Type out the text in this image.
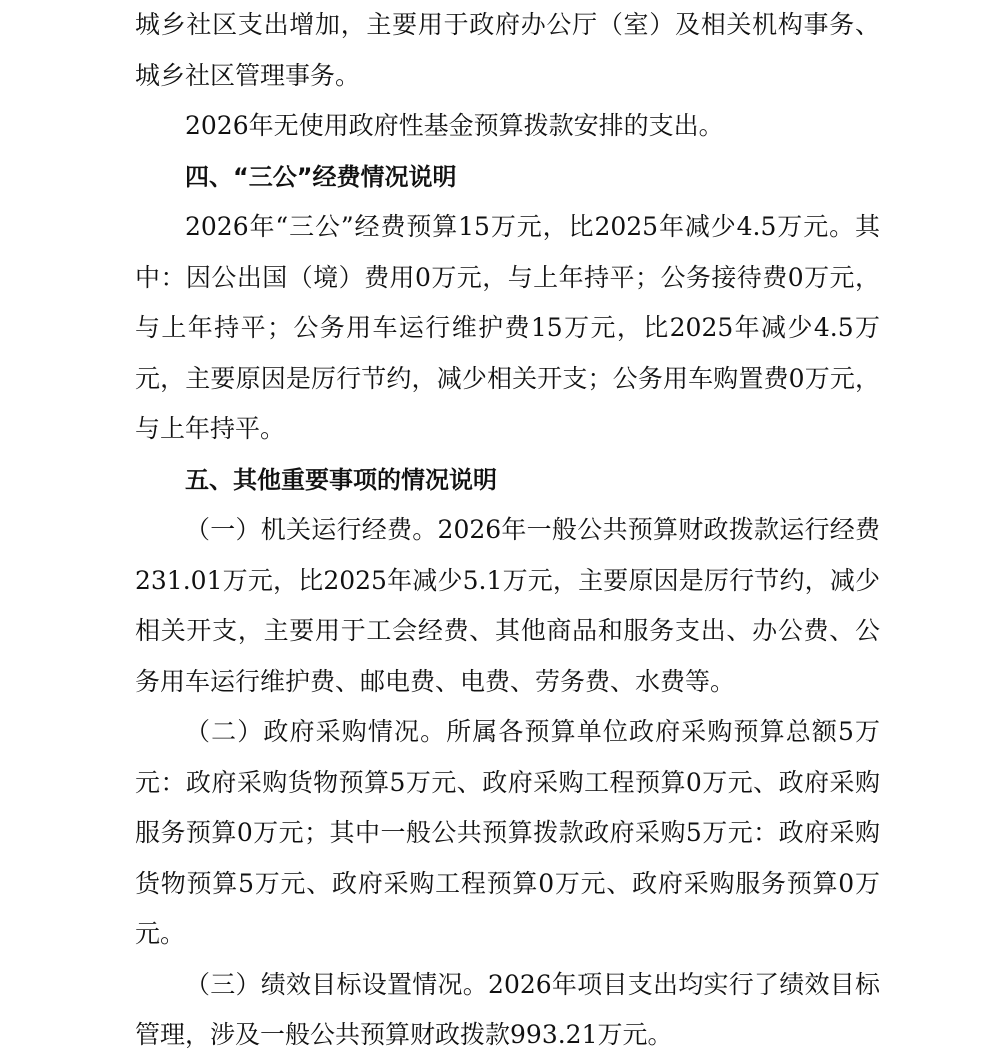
城乡社区支出增加，主要用于政府办公厅（室）及相关机构事务、城乡社区管理事务。

2026年无使用政府性基金预算拨款安排的支出。

四、“三公”经费情况说明

2026年“三公”经费预算15万元，比2025年减少4.5万元。其中：因公出国（境）费用0万元，与上年持平；公务接待费0万元，与上年持平；公务用车运行维护费15万元，比2025年减少4.5万元，主要原因是厉行节约，减少相关开支；公务用车购置费0万元，与上年持平。

五、其他重要事项的情况说明

（一）机关运行经费。2026年一般公共预算财政拨款运行经费231.01万元，比2025年减少5.1万元，主要原因是厉行节约，减少相关开支，主要用于工会经费、其他商品和服务支出、办公费、公务用车运行维护费、邮电费、电费、劳务费、水费等。

（二）政府采购情况。所属各预算单位政府采购预算总额5万元：政府采购货物预算5万元、政府采购工程预算0万元、政府采购服务预算0万元；其中一般公共预算拨款政府采购5万元：政府采购货物预算5万元、政府采购工程预算0万元、政府采购服务预算0万元。

（三）绩效目标设置情况。2026年项目支出均实行了绩效目标管理，涉及一般公共预算财政拨款993.21万元。
